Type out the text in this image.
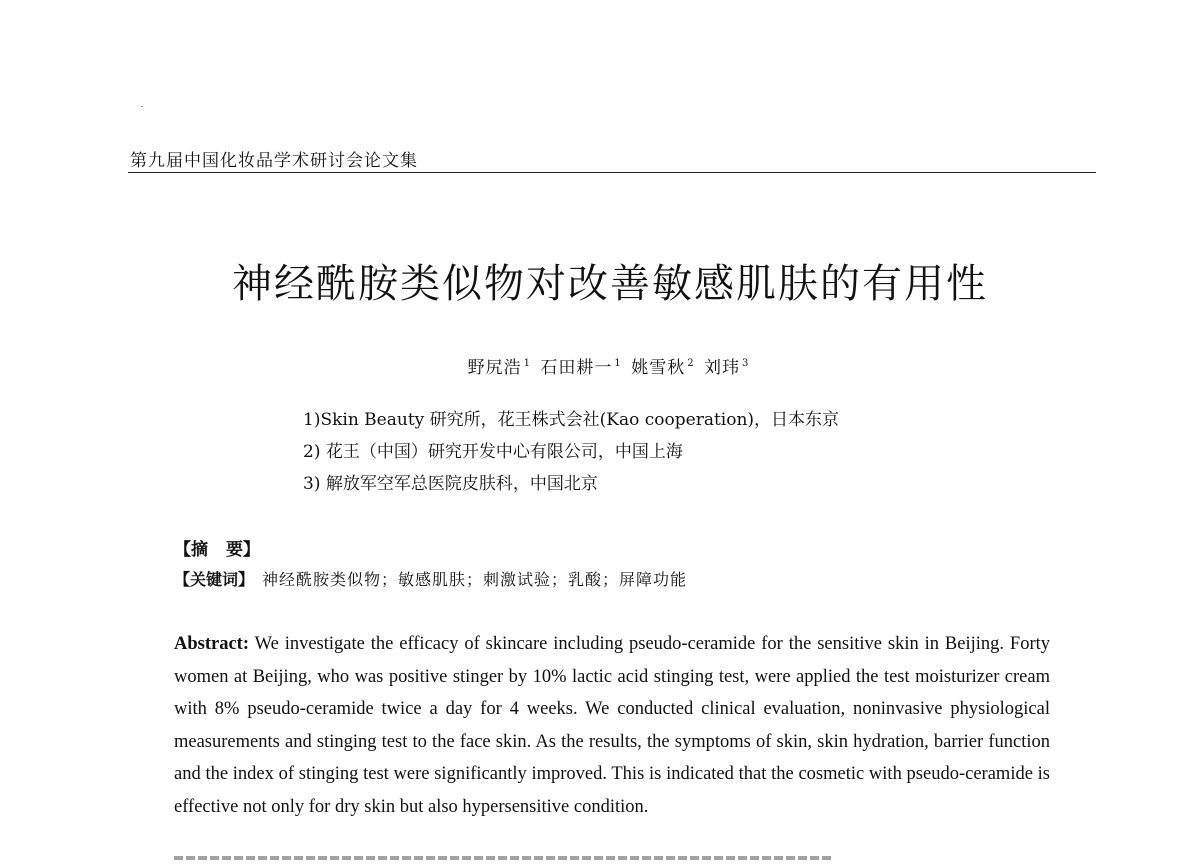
第九届中国化妆品学术研讨会论文集
神经酰胺类似物对改善敏感肌肤的有用性
野尻浩 $^1$ 石田耕一 $^1$ 姚雪秋 $^2$ 刘玮 $^3$
1)Skin Beauty 研究所，花王株式会社(Kao cooperation)，日本东京
2) 花王（中国）研究开发中心有限公司，中国上海
3) 解放军空军总医院皮肤科，中国北京
【摘 要】
【关键词】 神经酰胺类似物；敏感肌肤；刺激试验；乳酸；屏障功能
Abstract: We investigate the efficacy of skincare including pseudo-ceramide for the sensitive skin in Beijing. Forty women at Beijing, who was positive stinger by 10% lactic acid stinging test, were applied the test moisturizer cream with 8% pseudo-ceramide twice a day for 4 weeks. We conducted clinical evaluation, noninvasive physiological measurements and stinging test to the face skin. As the results, the symptoms of skin, skin hydration, barrier function and the index of stinging test were significantly improved. This is indicated that the cosmetic with pseudo-ceramide is effective not only for dry skin but also hypersensitive condition.
